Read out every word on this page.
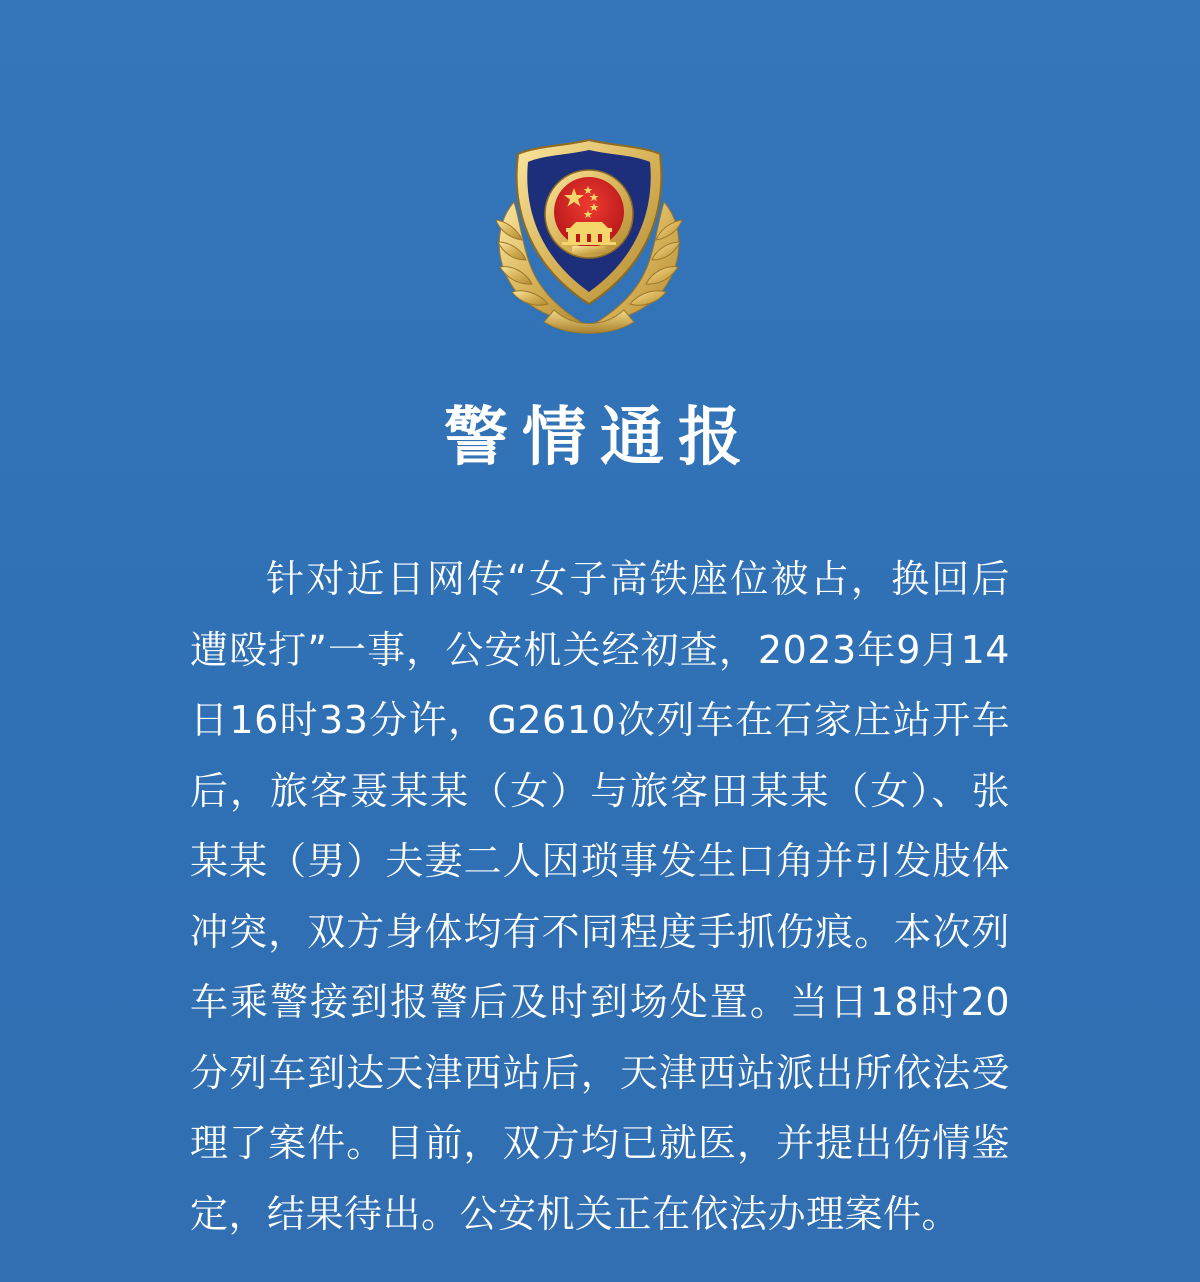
警情通报

针对近日网传“女子高铁座位被占，换回后遭殴打”一事，公安机关经初查，2023年9月14日16时33分许，G2610次列车在石家庄站开车后，旅客聂某某（女）与旅客田某某（女）、张某某（男）夫妻二人因琐事发生口角并引发肢体冲突，双方身体均有不同程度手抓伤痕。本次列车乘警接到报警后及时到场处置。当日18时20分列车到达天津西站后，天津西站派出所依法受理了案件。目前，双方均已就医，并提出伤情鉴定，结果待出。公安机关正在依法办理案件。
